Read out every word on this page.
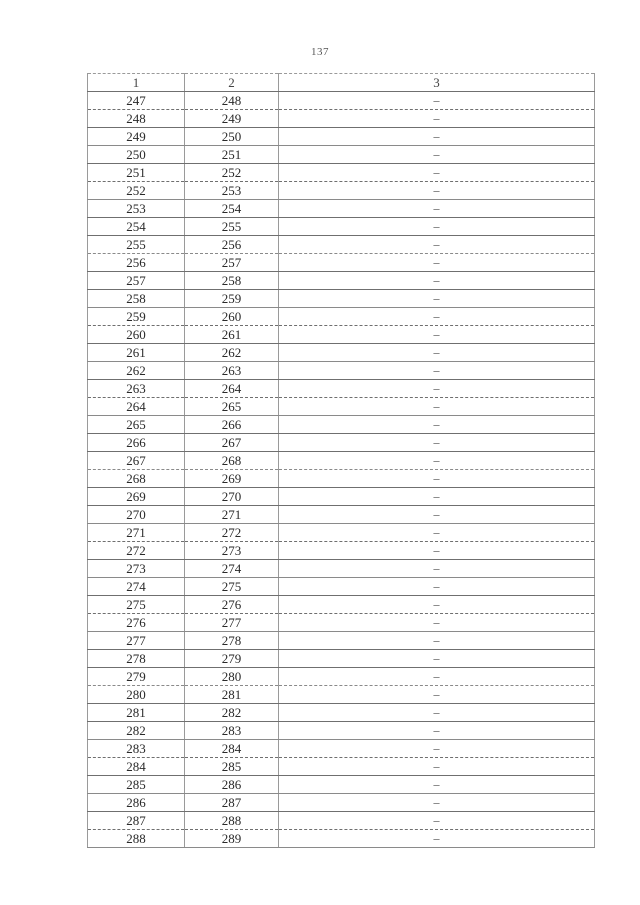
137
1	2	3
247	248	–
248	249	–
249	250	–
250	251	–
251	252	–
252	253	–
253	254	–
254	255	–
255	256	–
256	257	–
257	258	–
258	259	–
259	260	–
260	261	–
261	262	–
262	263	–
263	264	–
264	265	–
265	266	–
266	267	–
267	268	–
268	269	–
269	270	–
270	271	–
271	272	–
272	273	–
273	274	–
274	275	–
275	276	–
276	277	–
277	278	–
278	279	–
279	280	–
280	281	–
281	282	–
282	283	–
283	284	–
284	285	–
285	286	–
286	287	–
287	288	–
288	289	–
